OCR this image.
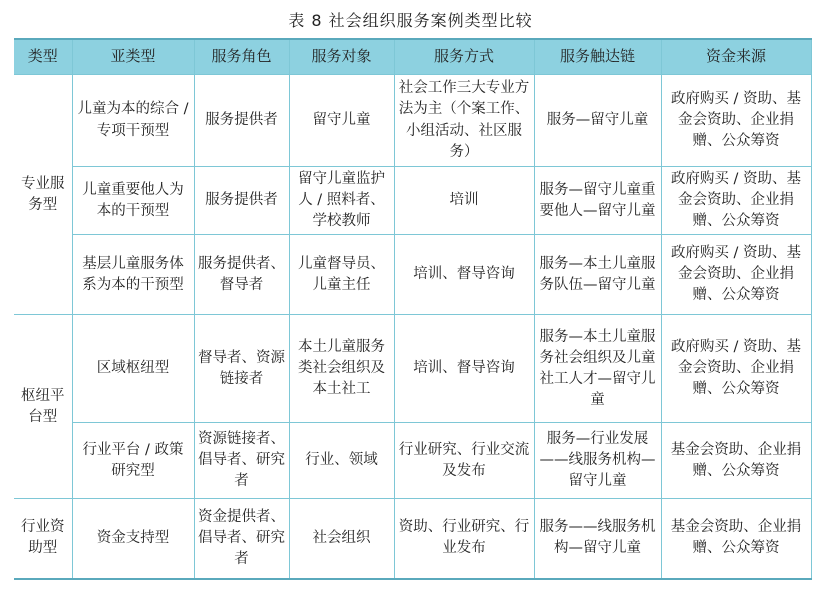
表 8 社会组织服务案例类型比较
类型	亚类型	服务角色	服务对象	服务方式	服务触达链	资金来源
专业服务型	儿童为本的综合 / 专项干预型	服务提供者	留守儿童	社会工作三大专业方法为主（个案工作、小组活动、社区服务）	服务—留守儿童	政府购买 / 资助、基金会资助、企业捐赠、公众筹资
	儿童重要他人为本的干预型	服务提供者	留守儿童监护人 / 照料者、学校教师	培训	服务—留守儿童重要他人—留守儿童	政府购买 / 资助、基金会资助、企业捐赠、公众筹资
	基层儿童服务体系为本的干预型	服务提供者、督导者	儿童督导员、儿童主任	培训、督导咨询	服务—本土儿童服务队伍—留守儿童	政府购买 / 资助、基金会资助、企业捐赠、公众筹资
枢纽平台型	区域枢纽型	督导者、资源链接者	本土儿童服务类社会组织及本土社工	培训、督导咨询	服务—本土儿童服务社会组织及儿童社工人才—留守儿童	政府购买 / 资助、基金会资助、企业捐赠、公众筹资
	行业平台 / 政策研究型	资源链接者、倡导者、研究者	行业、领域	行业研究、行业交流及发布	服务—行业发展——线服务机构—留守儿童	基金会资助、企业捐赠、公众筹资
行业资助型	资金支持型	资金提供者、倡导者、研究者	社会组织	资助、行业研究、行业发布	服务——线服务机构—留守儿童	基金会资助、企业捐赠、公众筹资
